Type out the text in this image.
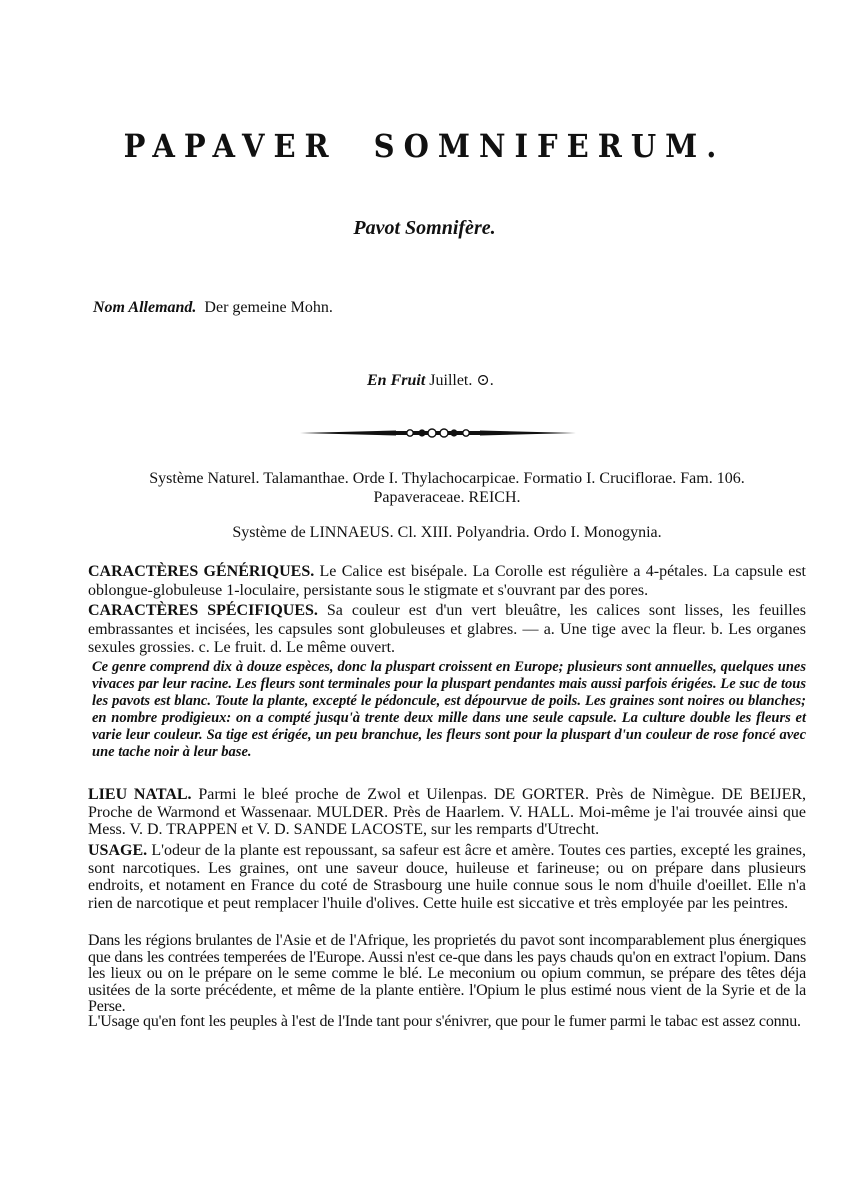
PAPAVER SOMNIFERUM.
Pavot Somnifère.
Nom Allemand. Der gemeine Mohn.
En Fruit Juillet. ⊙.
Système Naturel. Talamanthae. Orde I. Thylachocarpicae. Formatio I. Cruciflorae. Fam. 106.
Papaveraceae. REICH.
Système de LINNAEUS. Cl. XIII. Polyandria. Ordo I. Monogynia.
CARACTÈRES GÉNÉRIQUES. Le Calice est bisépale. La Corolle est régulière a 4-pétales. La capsule est oblongue-globuleuse 1-loculaire, persistante sous le stigmate et s'ouvrant par des pores.
CARACTÈRES SPÉCIFIQUES. Sa couleur est d'un vert bleuâtre, les calices sont lisses, les feuilles embrassantes et incisées, les capsules sont globuleuses et glabres. — a. Une tige avec la fleur. b. Les organes sexules grossies. c. Le fruit. d. Le même ouvert.
Ce genre comprend dix à douze espèces, donc la pluspart croissent en Europe; plusieurs sont annuelles, quelques unes vivaces par leur racine. Les fleurs sont terminales pour la pluspart pendantes mais aussi parfois érigées. Le suc de tous les pavots est blanc. Toute la plante, excepté le pédoncule, est dépourvue de poils. Les graines sont noires ou blanches; en nombre prodigieux: on a compté jusqu'à trente deux mille dans une seule capsule. La culture double les fleurs et varie leur couleur. Sa tige est érigée, un peu branchue, les fleurs sont pour la pluspart d'un couleur de rose foncé avec une tache noir à leur base.
LIEU NATAL. Parmi le bleé proche de Zwol et Uilenpas. DE GORTER. Près de Nimègue. DE BEIJER, Proche de Warmond et Wassenaar. MULDER. Près de Haarlem. V. HALL. Moi-même je l'ai trouvée ainsi que Mess. V. D. TRAPPEN et V. D. SANDE LACOSTE, sur les remparts d'Utrecht.
USAGE. L'odeur de la plante est repoussant, sa safeur est âcre et amère. Toutes ces parties, excepté les graines, sont narcotiques. Les graines, ont une saveur douce, huileuse et farineuse; ou on prépare dans plusieurs endroits, et notament en France du coté de Strasbourg une huile connue sous le nom d'huile d'oeillet. Elle n'a rien de narcotique et peut remplacer l'huile d'olives. Cette huile est siccative et très employée par les peintres.
Dans les régions brulantes de l'Asie et de l'Afrique, les proprietés du pavot sont incomparablement plus énergiques que dans les contrées temperées de l'Europe. Aussi n'est ce-que dans les pays chauds qu'on en extract l'opium. Dans les lieux ou on le prépare on le seme comme le blé. Le meconium ou opium commun, se prépare des têtes déja usitées de la sorte précédente, et même de la plante entière. l'Opium le plus estimé nous vient de la Syrie et de la Perse.
L'Usage qu'en font les peuples à l'est de l'Inde tant pour s'énivrer, que pour le fumer parmi le tabac est assez connu.
